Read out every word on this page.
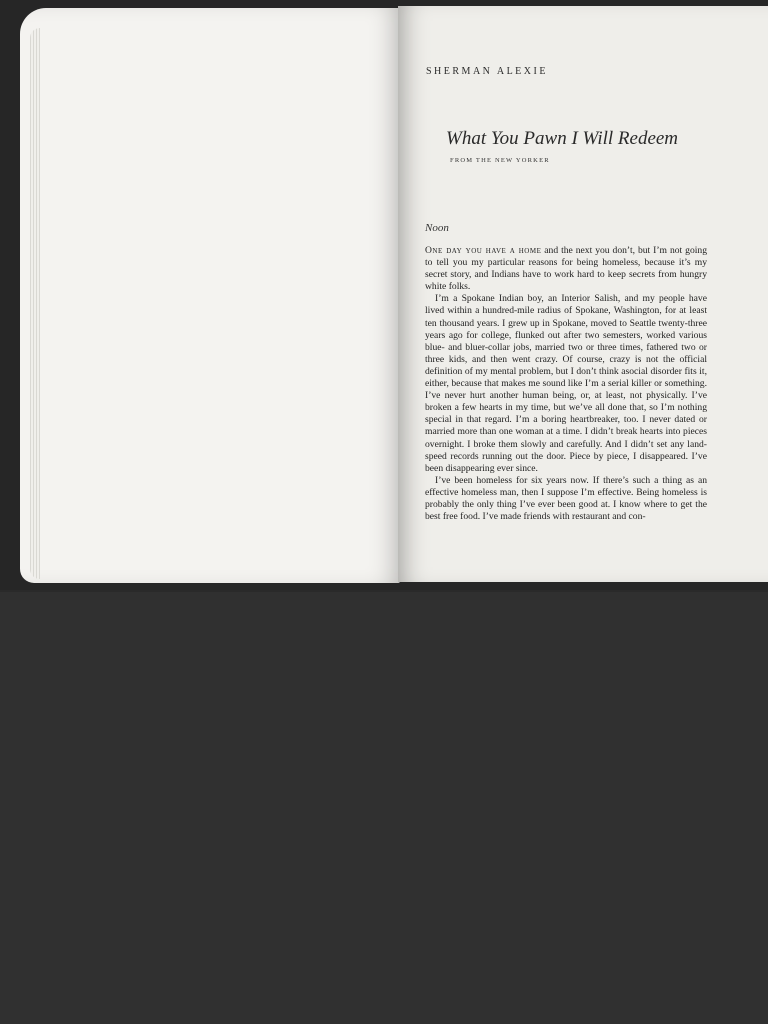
SHERMAN ALEXIE
What You Pawn I Will Redeem
FROM THE NEW YORKER
Noon

One day you have a home and the next you don’t, but I’m not going to tell you my particular reasons for being homeless, because it’s my secret story, and Indians have to work hard to keep secrets from hungry white folks.

I’m a Spokane Indian boy, an Interior Salish, and my people have lived within a hundred-mile radius of Spokane, Washington, for at least ten thousand years. I grew up in Spokane, moved to Seattle twenty-three years ago for college, flunked out after two semesters, worked various blue- and bluer-collar jobs, married two or three times, fathered two or three kids, and then went crazy. Of course, crazy is not the official definition of my mental problem, but I don’t think asocial disorder fits it, either, because that makes me sound like I’m a serial killer or something. I’ve never hurt another human being, or, at least, not physically. I’ve broken a few hearts in my time, but we’ve all done that, so I’m nothing special in that regard. I’m a boring heartbreaker, too. I never dated or married more than one woman at a time. I didn’t break hearts into pieces overnight. I broke them slowly and carefully. And I didn’t set any land-speed records running out the door. Piece by piece, I disappeared. I’ve been disappearing ever since.

I’ve been homeless for six years now. If there’s such a thing as an effective homeless man, then I suppose I’m effective. Being homeless is probably the only thing I’ve ever been good at. I know where to get the best free food. I’ve made friends with restaurant and con-
